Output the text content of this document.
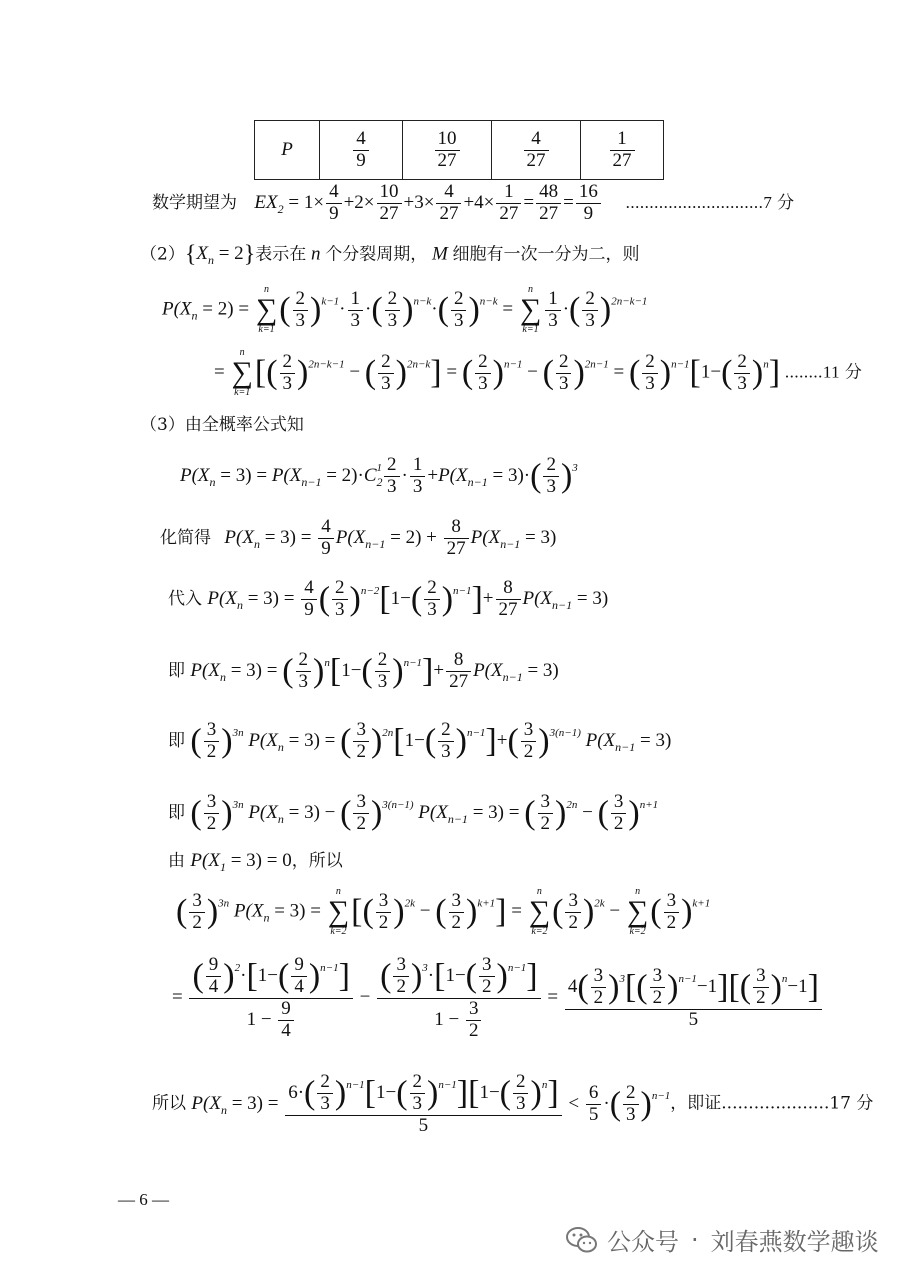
P	$\frac{4}{9}$	$\frac{10}{27}$	$\frac{4}{27}$	$\frac{1}{27}$
数学期望为 $EX_2 = 1\times \frac{4}{9} +2\times \frac{10}{27} +3\times \frac{4}{27} +4\times \frac{1}{27} = \frac{48}{27} = \frac{16}{9} .............................7$ 分
$(2)\{X_n = 2\}$表示在 n 个分裂周期， M 细胞有一次一分为二，则
$P(X_n = 2)$ =
n
∑
k=1
( $\frac{2}{3} )^{k-1}\cdot \frac{1}{3}$ ·( $\frac{2}{3} )^{n-k}\cdot( \frac{2}{3} )^{n-k}$ =
n
∑
$k=1 \frac{1}{3}$ ·( $\frac{2}{3} )^{2n-k-1}$
=
n
∑
k=1
[( $\frac{2}{3} )^{2n-k-1}$ − ( $\frac{2}{3} )^{2n-k}$] = ( $\frac{2}{3} )^{n-1}$ − ( $\frac{2}{3} )^{2n-1}$ = ( $\frac{2}{3} )^{n-1}[1-( \frac{2}{3} )^n]$ ........11 分
（3）由全概率公式知
$P(X_n = 3) = P(X_{n-1} = 2)\cdot C_2^1 \frac{2}{3} \cdot \frac{1}{3} +P(X_{n-1} = 3)\cdot( \frac{2}{3} )^3$
化简得 $P(X_n = 3) = \frac{4}{9} P(X_{n-1} = 2) + \frac{8}{27} P(X_{n-1} = 3)$
代入 $P(X_n = 3) = \frac{4}{9}$ ( $\frac{2}{3} )^{n-2}[1-( \frac{2}{3} )^{n-1}]+ \frac{8}{27} P(X_{n-1} = 3)$
即 $P(X_n = 3)$ = ( $\frac{2}{3} )^n[1-( \frac{2}{3} )^{n-1}]+ \frac{8}{27} P(X_{n-1} = 3)$
即 ( $\frac{3}{2} )^{3n}$ $P(X_n = 3)$ = ( $\frac{3}{2} )^{2n}[1-( \frac{2}{3} )^{n-1}]+( \frac{3}{2} )^{3(n-1)}$ $P(X_{n-1} = 3)$
即 ( $\frac{3}{2} )^{3n}$ $P(X_n = 3)$ − ( $\frac{3}{2} )^{3(n-1)}$ $P(X_{n-1} = 3)$ = ( $\frac{3}{2} )^{2n}$ − ( $\frac{3}{2} )^{n+1}$
由 $P(X_1 = 3) = 0$，所以
( $\frac{3}{2} )^{3n}$ $P(X_n = 3)$ =
n
∑
k=2
[( $\frac{3}{2} )^{2k}$ − ( $\frac{3}{2} )^{k+1}$] =
n
∑
k=2
( $\frac{3}{2} )^{2k}$ −
n
∑
k=2
( $\frac{3}{2} )^{k+1}$
= $\frac{( \frac{9}{4} )^2\cdot[1-( \frac{9}{4} )^{n-1}]}{1 - \frac{9}{4}} - \frac{( \frac{3}{2} )^3\cdot[1-( \frac{3}{2} )^{n-1}]}{1 - \frac{3}{2}} = \frac{4( \frac{3}{2} )^3[( \frac{3}{2} )^{n-1}-1][( \frac{3}{2} )^n-1]}{5}$
所以 $P(X_n = 3) = \frac{6\cdot( \frac{2}{3} )^{n-1}[1-( \frac{2}{3} )^{n-1}][1-( \frac{2}{3} )^n]}{5} < \frac{6}{5}$ ·( $\frac{2}{3} )^{n-1}$，即证....................17 分
— 6 —
公众号 · 刘春燕数学趣谈
